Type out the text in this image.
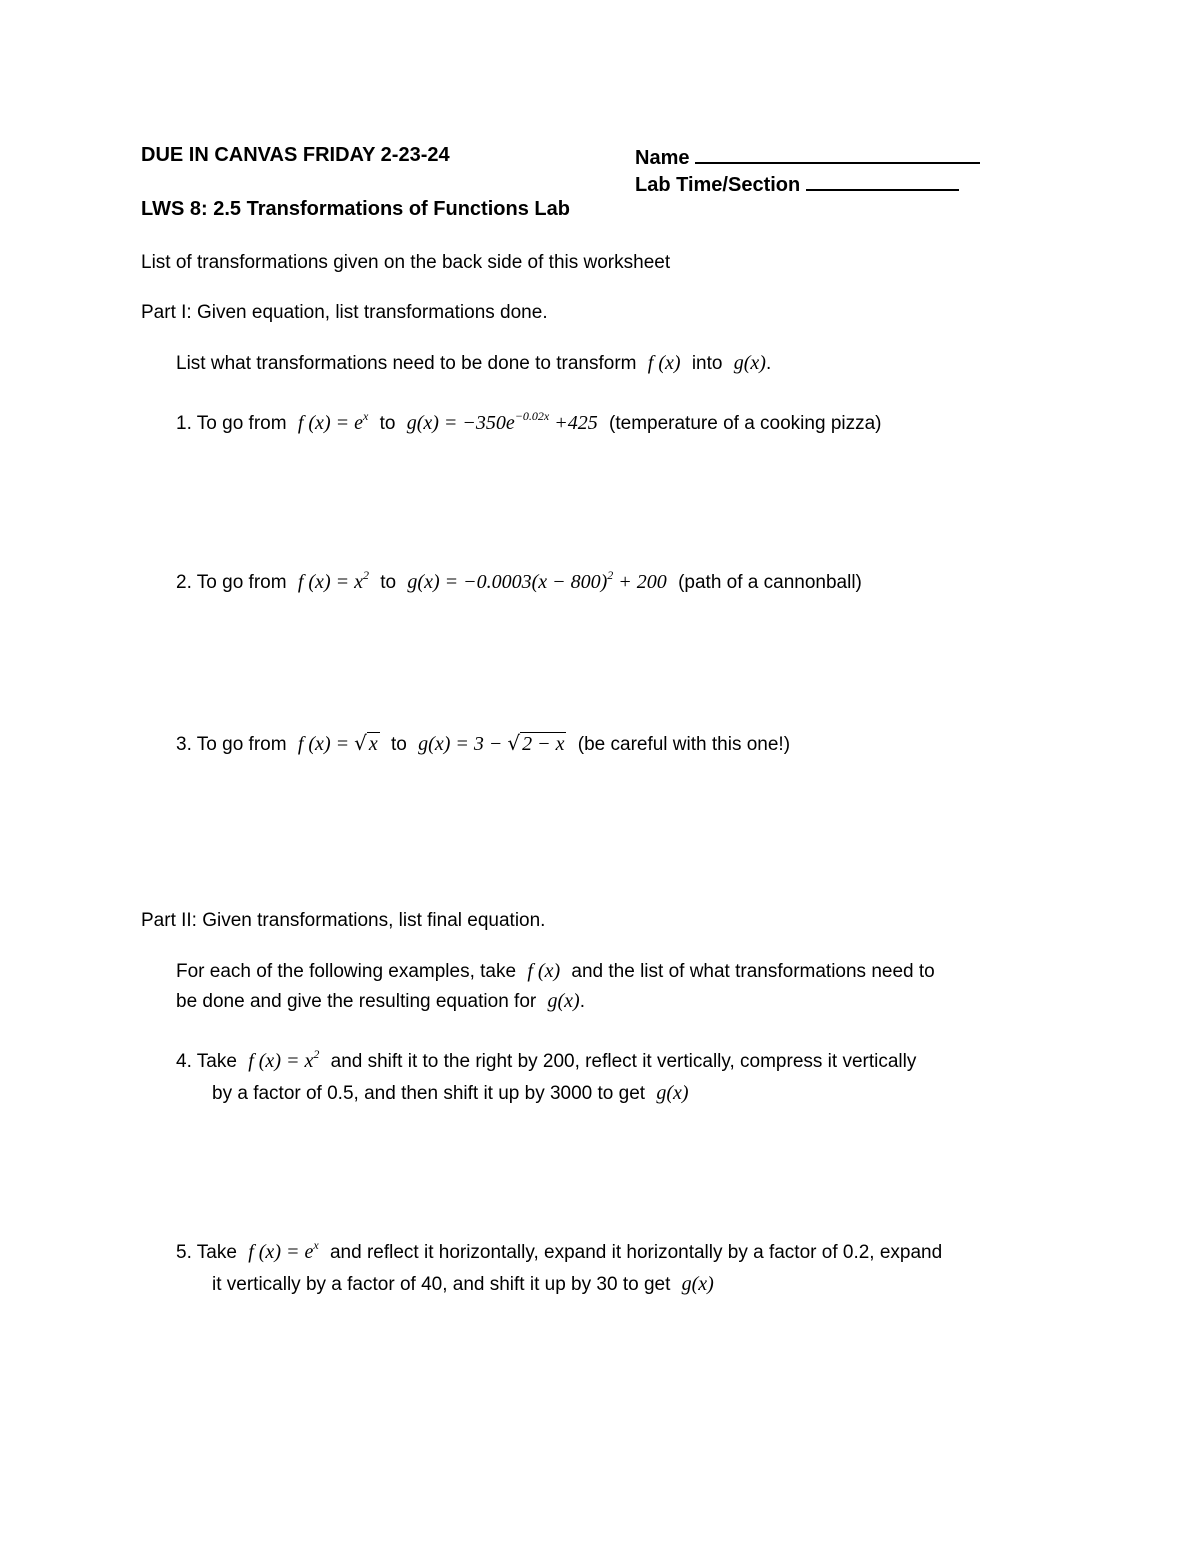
DUE IN CANVAS FRIDAY 2-23-24	Name
Lab Time/Section
LWS 8: 2.5 Transformations of Functions Lab
List of transformations given on the back side of this worksheet
Part I: Given equation, list transformations done.
List what transformations need to be done to transform f (x) into g(x).
1. To go from f $(x) = e^x$ to $g(x) = -350e^{-0.02x} +425$ (temperature of a cooking pizza)
2. To go from f $(x) = x^2$ to $g(x) = -0.0003(x - 800)^2 + 200$ (path of a cannonball)
3. To go from f (x) = √ x to g(x) = 3 − √ 2 − x (be careful with this one!)
Part II: Given transformations, list final equation.
For each of the following examples, take f (x) and the list of what transformations need to
be done and give the resulting equation for g(x).
4. Take f $(x) = x^2$ and shift it to the right by 200, reflect it vertically, compress it vertically
by a factor of 0.5, and then shift it up by 3000 to get g(x)
5. Take f $(x) = e^x$ and reflect it horizontally, expand it horizontally by a factor of 0.2, expand
it vertically by a factor of 40, and shift it up by 30 to get g(x)
